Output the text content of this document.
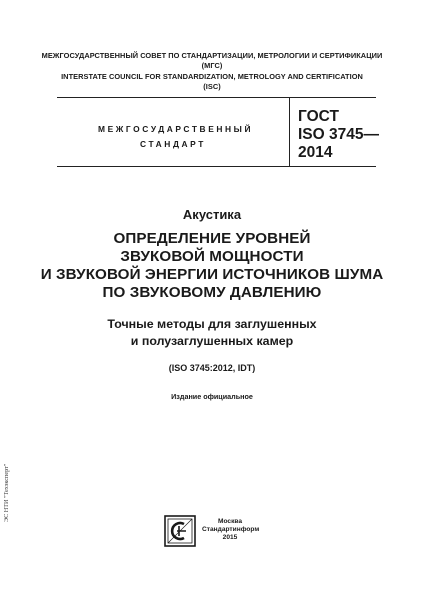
МЕЖГОСУДАРСТВЕННЫЙ СОВЕТ ПО СТАНДАРТИЗАЦИИ, МЕТРОЛОГИИ И СЕРТИФИКАЦИИ
(МГС)
INTERSTATE COUNCIL FOR STANDARDIZATION, METROLOGY AND CERTIFICATION
(ISC)
МЕЖГОСУДАРСТВЕННЫЙ
СТАНДАРТ
ГОСТ
ISO 3745—
2014
Акустика
ОПРЕДЕЛЕНИЕ УРОВНЕЙ
ЗВУКОВОЙ МОЩНОСТИ
И ЗВУКОВОЙ ЭНЕРГИИ ИСТОЧНИКОВ ШУМА
ПО ЗВУКОВОМУ ДАВЛЕНИЮ
Точные методы для заглушенных
и полузаглушенных камер
(ISO 3745:2012, IDT)
Издание официальное
ЭС НТИ "Техэксперт"	Москва
Стандартинформ
2015
